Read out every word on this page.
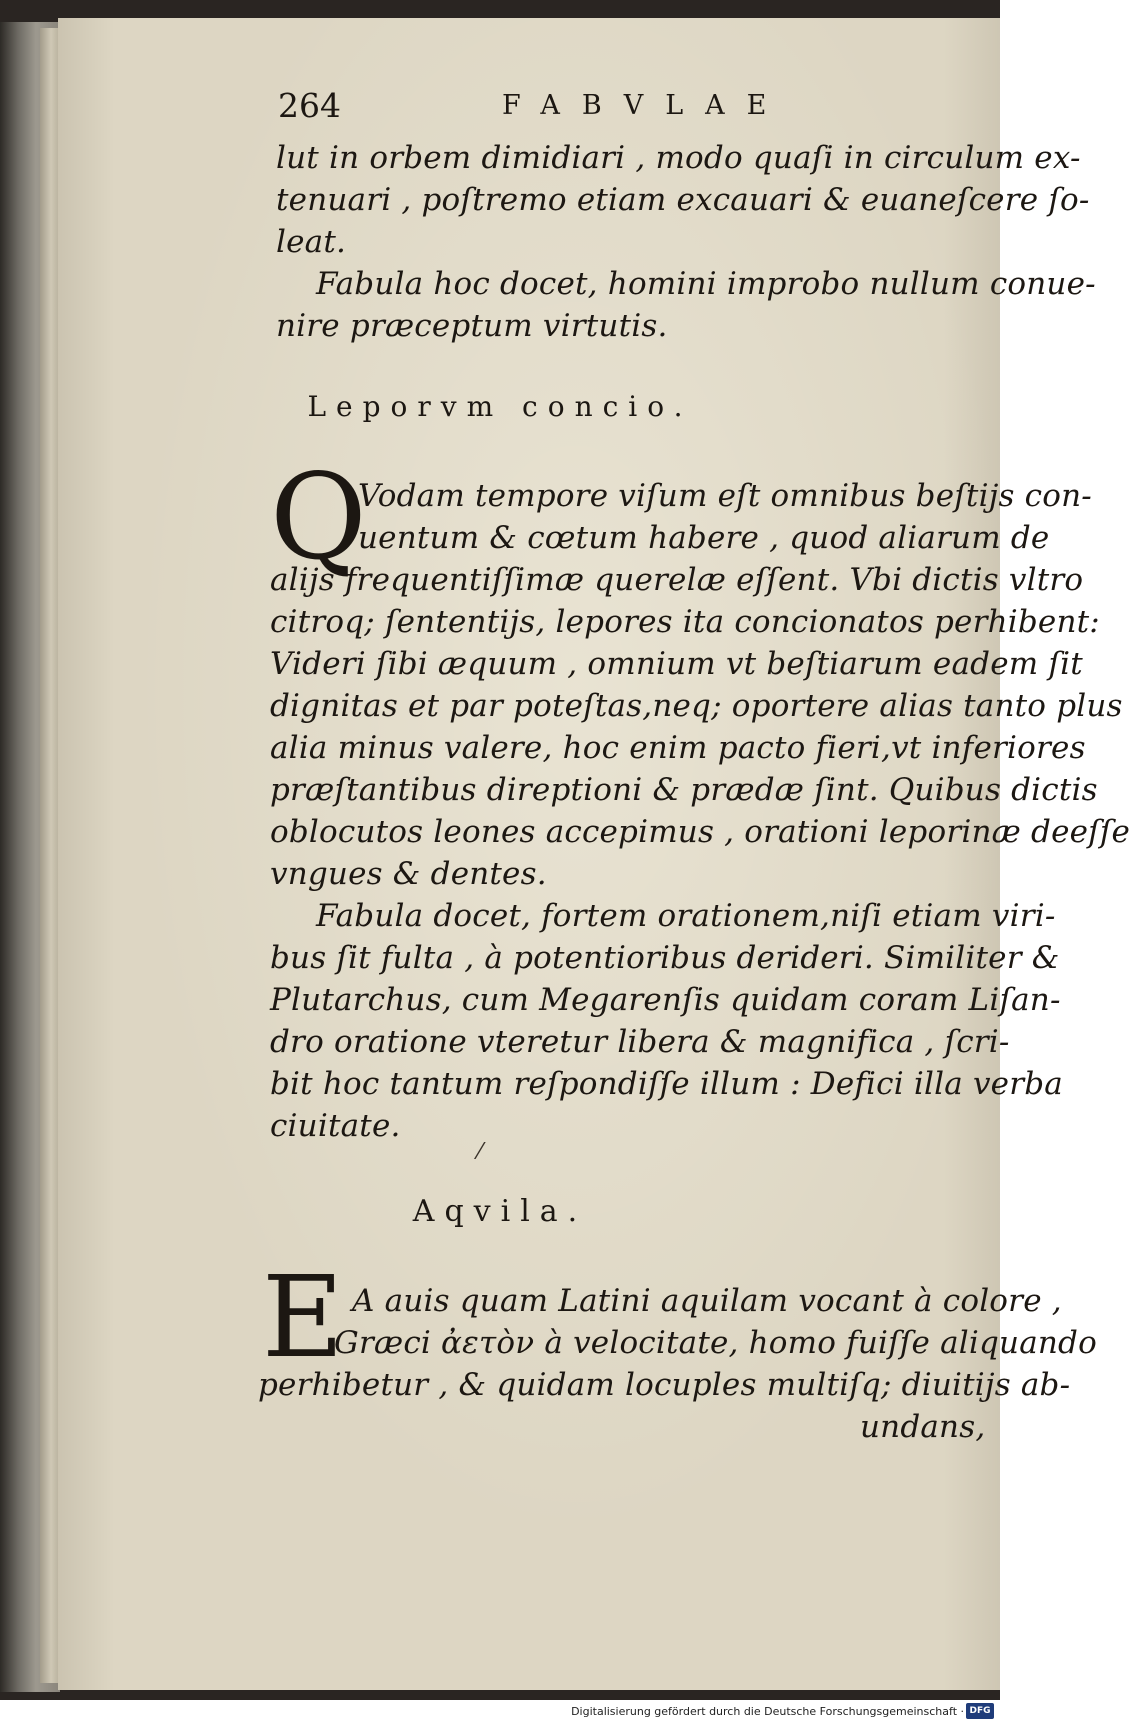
264	FABVLAE
lut in orbem dimidiari , modo quaſi in circulum ex-
tenuari , poſtremo etiam excauari & euaneſcere ſo-
leat.
Fabula hoc docet, homini improbo nullum conue-
nire præceptum virtutis.
Leporvm concio.
Q
Vodam tempore viſum eſt omnibus beſtijs con-
uentum & cœtum habere , quod aliarum de
alijs frequentiſſimæ querelæ eſſent. Vbi dictis vltro
citroq; ſententijs, lepores ita concionatos perhibent:
Videri ſibi æquum , omnium vt beſtiarum eadem ſit
dignitas et par poteſtas,neq; oportere alias tanto plus
alia minus valere, hoc enim pacto fieri,vt inferiores
præſtantibus direptioni & prædæ ſint. Quibus dictis
oblocutos leones accepimus , orationi leporinæ deeſſe
vngues & dentes.
Fabula docet, fortem orationem,niſi etiam viri-
bus ſit fulta , à potentioribus derideri. Similiter &
Plutarchus, cum Megarenſis quidam coram Liſan-
dro oratione vteretur libera & magnifica , ſcri-
bit hoc tantum reſpondiſſe illum : Defici illa verba
ciuitate.
⁄
Aqvila.
E A auis quam Latini aquilam vocant à colore ,
Græci ἀετὸν à velocitate, homo fuiſſe aliquando
perhibetur , & quidam locuples multiſq; diuitijs ab-
undans,
Digitalisierung gefördert durch die Deutsche Forschungsgemeinschaft · DFG
